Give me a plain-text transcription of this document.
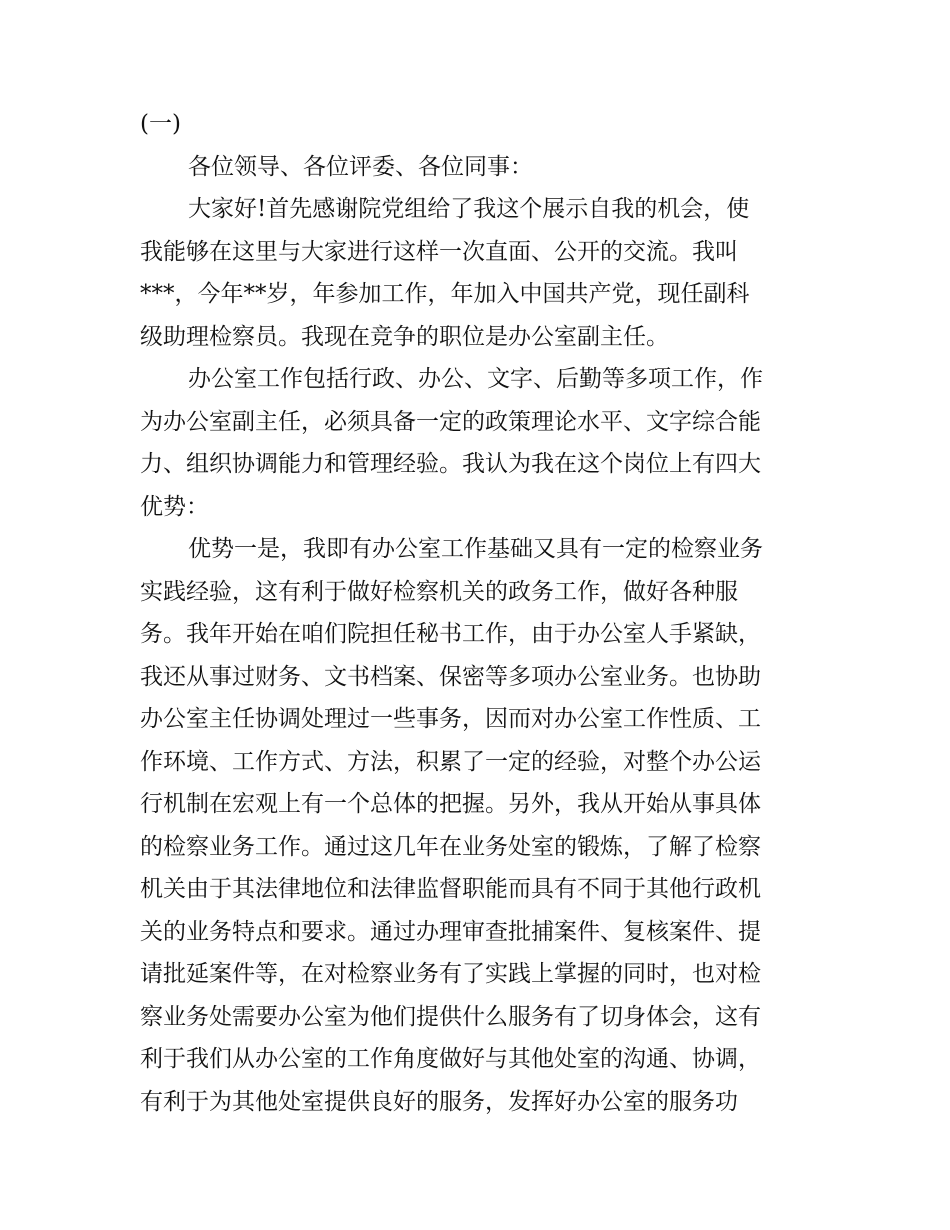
(一)
各位领导、各位评委、各位同事：
大家好!首先感谢院党组给了我这个展示自我的机会，使
我能够在这里与大家进行这样一次直面、公开的交流。我叫
***，今年**岁，年参加工作，年加入中国共产党，现任副科
级助理检察员。我现在竞争的职位是办公室副主任。
办公室工作包括行政、办公、文字、后勤等多项工作，作
为办公室副主任，必须具备一定的政策理论水平、文字综合能
力、组织协调能力和管理经验。我认为我在这个岗位上有四大
优势：
优势一是，我即有办公室工作基础又具有一定的检察业务
实践经验，这有利于做好检察机关的政务工作，做好各种服
务。我年开始在咱们院担任秘书工作，由于办公室人手紧缺，
我还从事过财务、文书档案、保密等多项办公室业务。也协助
办公室主任协调处理过一些事务，因而对办公室工作性质、工
作环境、工作方式、方法，积累了一定的经验，对整个办公运
行机制在宏观上有一个总体的把握。另外，我从开始从事具体
的检察业务工作。通过这几年在业务处室的锻炼，了解了检察
机关由于其法律地位和法律监督职能而具有不同于其他行政机
关的业务特点和要求。通过办理审查批捕案件、复核案件、提
请批延案件等，在对检察业务有了实践上掌握的同时，也对检
察业务处需要办公室为他们提供什么服务有了切身体会，这有
利于我们从办公室的工作角度做好与其他处室的沟通、协调，
有利于为其他处室提供良好的服务，发挥好办公室的服务功
